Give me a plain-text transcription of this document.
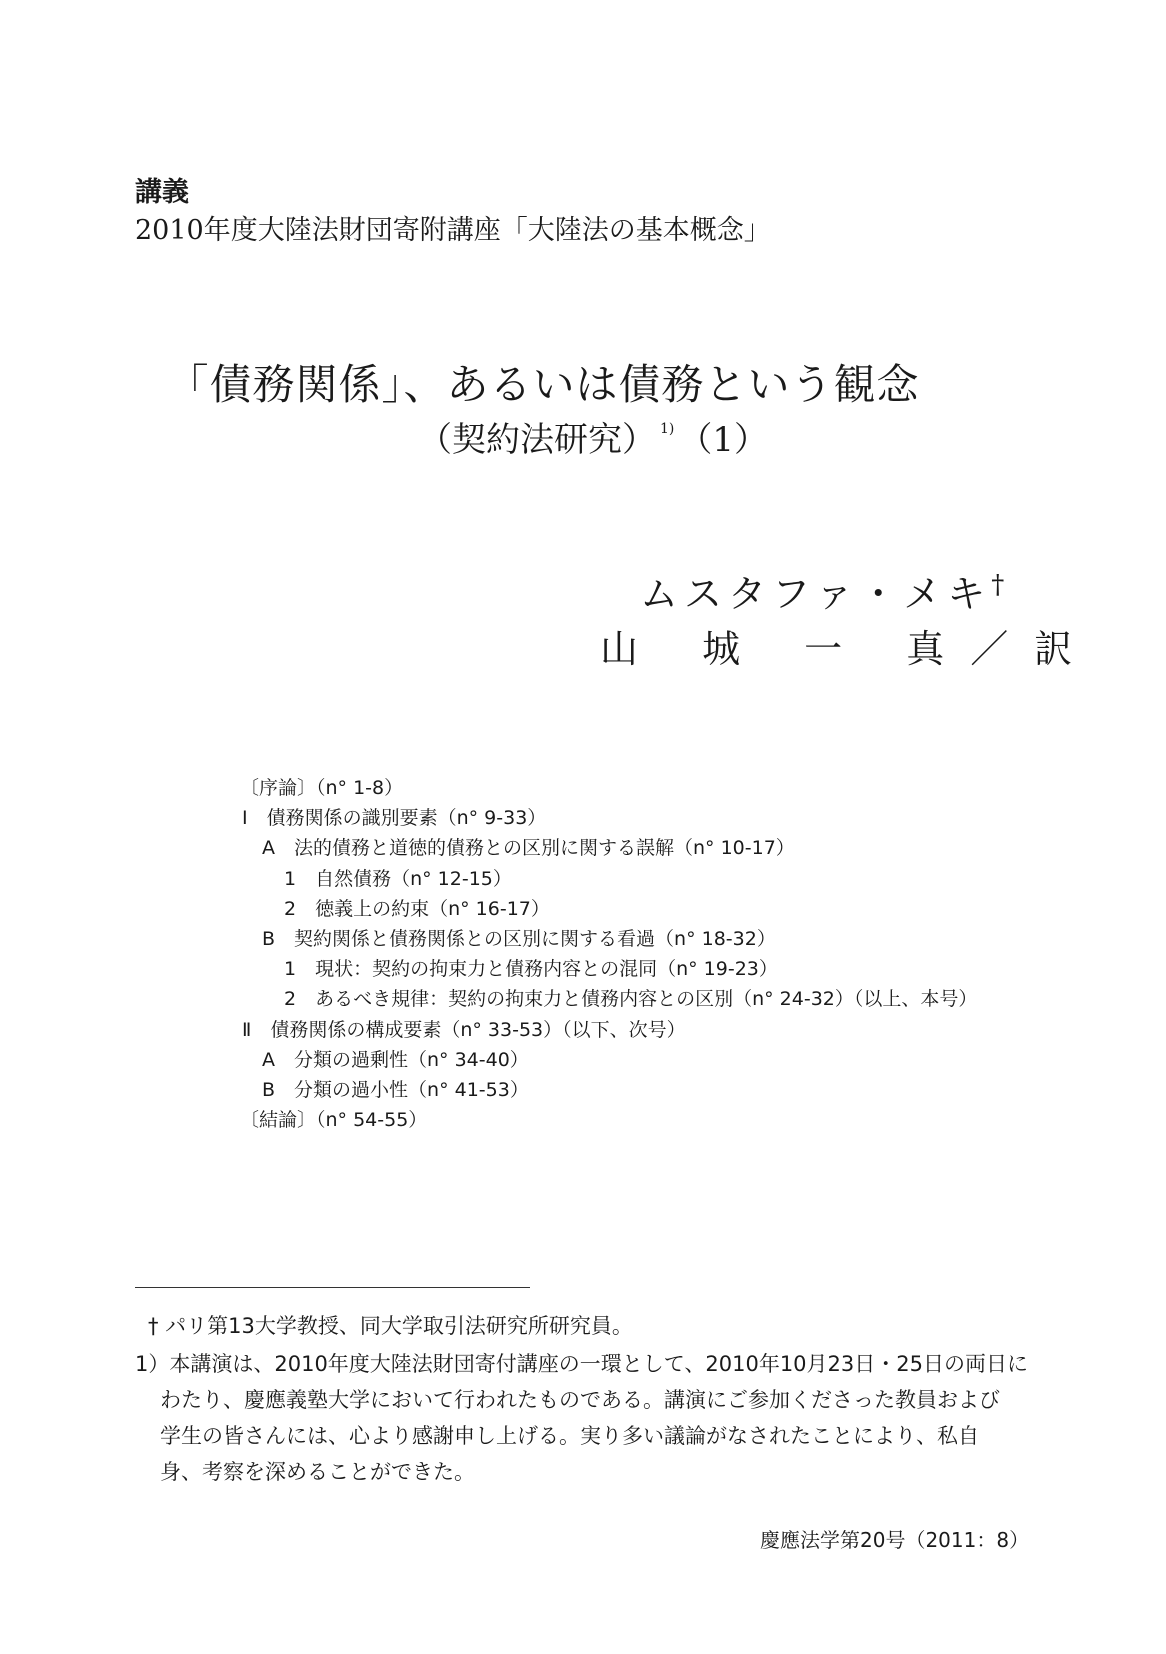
講義
2010年度大陸法財団寄附講座「大陸法の基本概念」
「債務関係」、あるいは債務という観念
（契約法研究） $^{1)}$ （1）
ムスタファ・メキ†
山 城 一 真／訳
〔序論〕（n° 1-8）
Ⅰ　債務関係の識別要素（n° 9-33）
A　法的債務と道徳的債務との区別に関する誤解（n° 10-17）
1　自然債務（n° 12-15）
2　徳義上の約束（n° 16-17）
B　契約関係と債務関係との区別に関する看過（n° 18-32）
1　現状：契約の拘束力と債務内容との混同（n° 19-23）
2　あるべき規律：契約の拘束力と債務内容との区別（n° 24-32）（以上、本号）
Ⅱ　債務関係の構成要素（n° 33-53）（以下、次号）
A　分類の過剰性（n° 34-40）
B　分類の過小性（n° 41-53）
〔結論〕（n° 54-55）
† パリ第13大学教授、同大学取引法研究所研究員。
1）本講演は、2010年度大陸法財団寄付講座の一環として、2010年10月23日・25日の両日に

わたり、慶應義塾大学において行われたものである。講演にご参加くださった教員および
学生の皆さんには、心より感謝申し上げる。実り多い議論がなされたことにより、私自
身、考察を深めることができた。
慶應法学第20号（2011：8）
